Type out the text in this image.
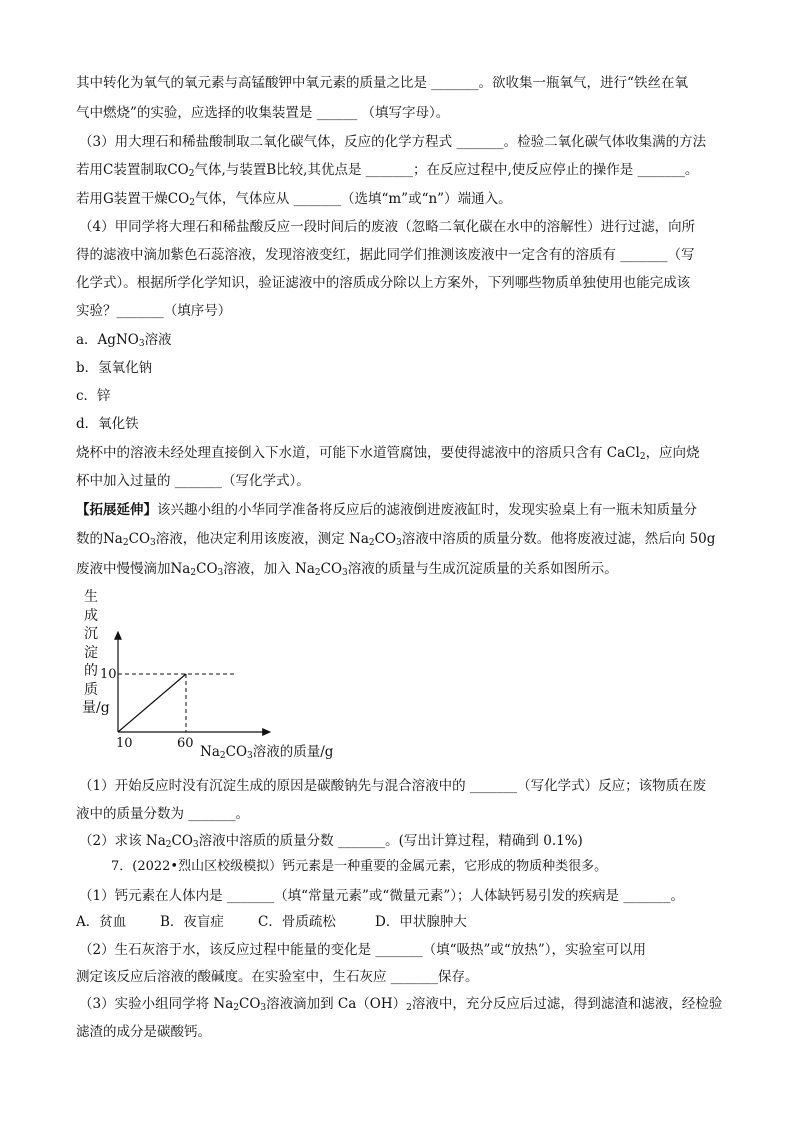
其中转化为氧气的氧元素与高锰酸钾中氧元素的质量之比是 _______。欲收集一瓶氧气，进行“铁丝在氧
气中燃烧”的实验，应选择的收集装置是 ______ （填写字母）。
（3）用大理石和稀盐酸制取二氧化碳气体，反应的化学方程式 _______。检验二氧化碳气体收集满的方法
若用C装置制取$CO_2$气体,与装置B比较,其优点是 _______；在反应过程中,使反应停止的操作是 _______。
若用G装置干燥$CO_2$气体，气体应从 _______（选填“m”或“n”）端通入。
（4）甲同学将大理石和稀盐酸反应一段时间后的废液（忽略二氧化碳在水中的溶解性）进行过滤，向所
得的滤液中滴加紫色石蕊溶液，发现溶液变红，据此同学们推测该废液中一定含有的溶质有 _______（写
化学式）。根据所学化学知识，验证滤液中的溶质成分除以上方案外，下列哪些物质单独使用也能完成该
实验？_______（填序号）
a．AgNO$_3$溶液
b．氢氧化钠
c．锌
d．氧化铁
烧杯中的溶液未经处理直接倒入下水道，可能下水道管腐蚀，要使得滤液中的溶质只含有 CaCl$_2$，应向烧
杯中加入过量的 _______（写化学式）。
【拓展延伸】该兴趣小组的小华同学准备将反应后的滤液倒进废液缸时，发现实验桌上有一瓶未知质量分
数的$Na_2CO_3$溶液，他决定利用该废液，测定 $Na_2CO_3$溶液中溶质的质量分数。他将废液过滤，然后向 50g
废液中慢慢滴加$Na_2CO_3$溶液，加入 $Na_2CO_3$溶液的质量与生成沉淀质量的关系如图所示。
生成沉淀的质量/g
10
10	60
$Na_2CO_3$溶液的质量/g
（1）开始反应时没有沉淀生成的原因是碳酸钠先与混合溶液中的 _______（写化学式）反应；该物质在废
液中的质量分数为 _______。
（2）求该 $Na_2CO_3$溶液中溶质的质量分数 _______。(写出计算过程，精确到 0.1%)
7．(2022•烈山区校级模拟）钙元素是一种重要的金属元素，它形成的物质种类很多。
（1）钙元素在人体内是 _______（填“常量元素”或“微量元素”）；人体缺钙易引发的疾病是 _______。
A．贫血	B．夜盲症	C．骨质疏松	D．甲状腺肿大
（2）生石灰溶于水，该反应过程中能量的变化是 _______（填“吸热”或“放热”），实验室可以用
测定该反应后溶液的酸碱度。在实验室中，生石灰应 _______保存。
（3）实验小组同学将 $Na_2CO_3$溶液滴加到 $Ca(OH)_2$溶液中，充分反应后过滤，得到滤渣和滤液，经检验
滤渣的成分是碳酸钙。
